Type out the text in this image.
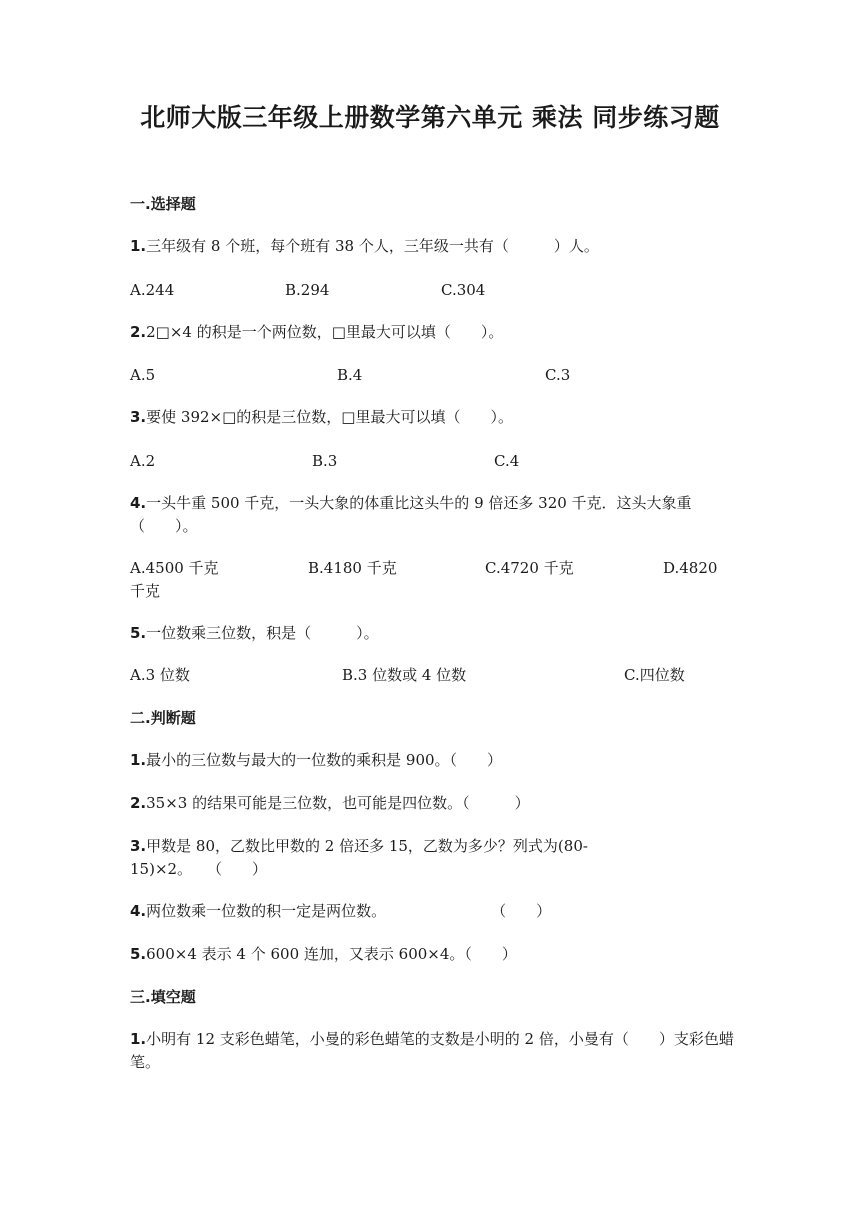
北师大版三年级上册数学第六单元 乘法 同步练习题
一.选择题
1.三年级有 8 个班，每个班有 38 个人，三年级一共有（　　　）人。
A.244	B.294	C.304
2.2□×4 的积是一个两位数，□里最大可以填（　　）。
A.5	B.4	C.3
3.要使 392×□的积是三位数，□里最大可以填（　　）。
A.2	B.3	C.4
4.一头牛重 500 千克，一头大象的体重比这头牛的 9 倍还多 320 千克．这头大象重（　　）。
A.4500 千克	B.4180 千克	C.4720 千克	D.4820
千克
5.一位数乘三位数，积是（　　　）。
A.3 位数	B.3 位数或 4 位数	C.四位数
二.判断题
1.最小的三位数与最大的一位数的乘积是 900。（　　）
2.35×3 的结果可能是三位数，也可能是四位数。（　　　）
3.甲数是 80，乙数比甲数的 2 倍还多 15，乙数为多少？列式为(80-
15)×2。　　（　　）
4.两位数乘一位数的积一定是两位数。　　　　　　　　（　　）
5.600×4 表示 4 个 600 连加，又表示 600×4。（　　）
三.填空题
1.小明有 12 支彩色蜡笔，小曼的彩色蜡笔的支数是小明的 2 倍，小曼有（　　）支彩色蜡笔。
